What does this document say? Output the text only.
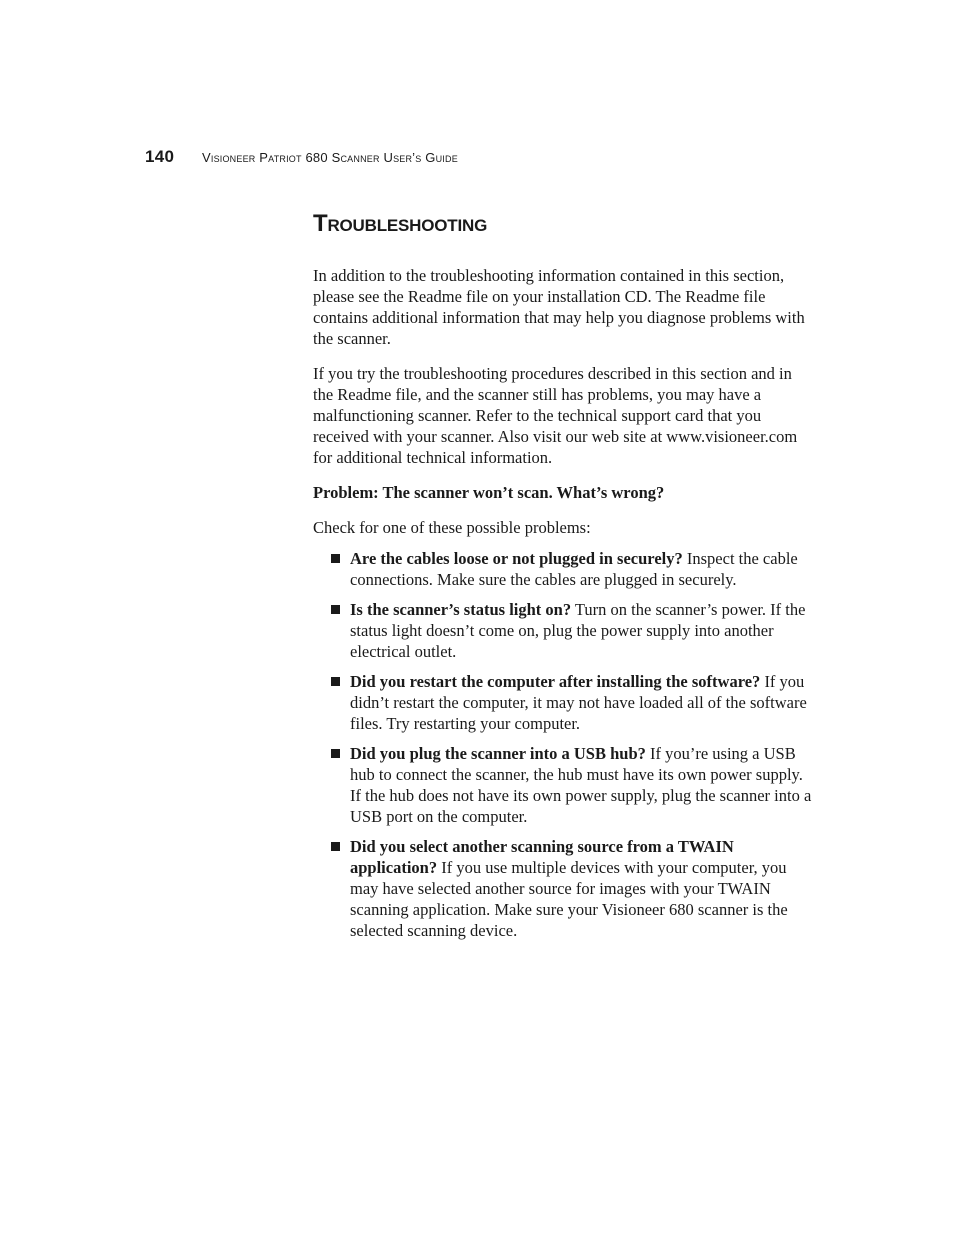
140 Visioneer Patriot 680 Scanner User’s Guide
Troubleshooting

In addition to the troubleshooting information contained in this section, please see the Readme file on your installation CD. The Readme file contains additional information that may help you diagnose problems with the scanner.

If you try the troubleshooting procedures described in this section and in the Readme file, and the scanner still has problems, you may have a malfunctioning scanner. Refer to the technical support card that you received with your scanner. Also visit our web site at www.visioneer.com for additional technical information.

Problem: The scanner won’t scan. What’s wrong?

Check for one of these possible problems:

Are the cables loose or not plugged in securely? Inspect the cable connections. Make sure the cables are plugged in securely.
Is the scanner’s status light on? Turn on the scanner’s power. If the status light doesn’t come on, plug the power supply into another electrical outlet.
Did you restart the computer after installing the software? If you didn’t restart the computer, it may not have loaded all of the software files. Try restarting your computer.
Did you plug the scanner into a USB hub? If you’re using a USB hub to connect the scanner, the hub must have its own power supply. If the hub does not have its own power supply, plug the scanner into a USB port on the computer.
Did you select another scanning source from a TWAIN application? If you use multiple devices with your computer, you may have selected another source for images with your TWAIN scanning application. Make sure your Visioneer 680 scanner is the selected scanning device.
